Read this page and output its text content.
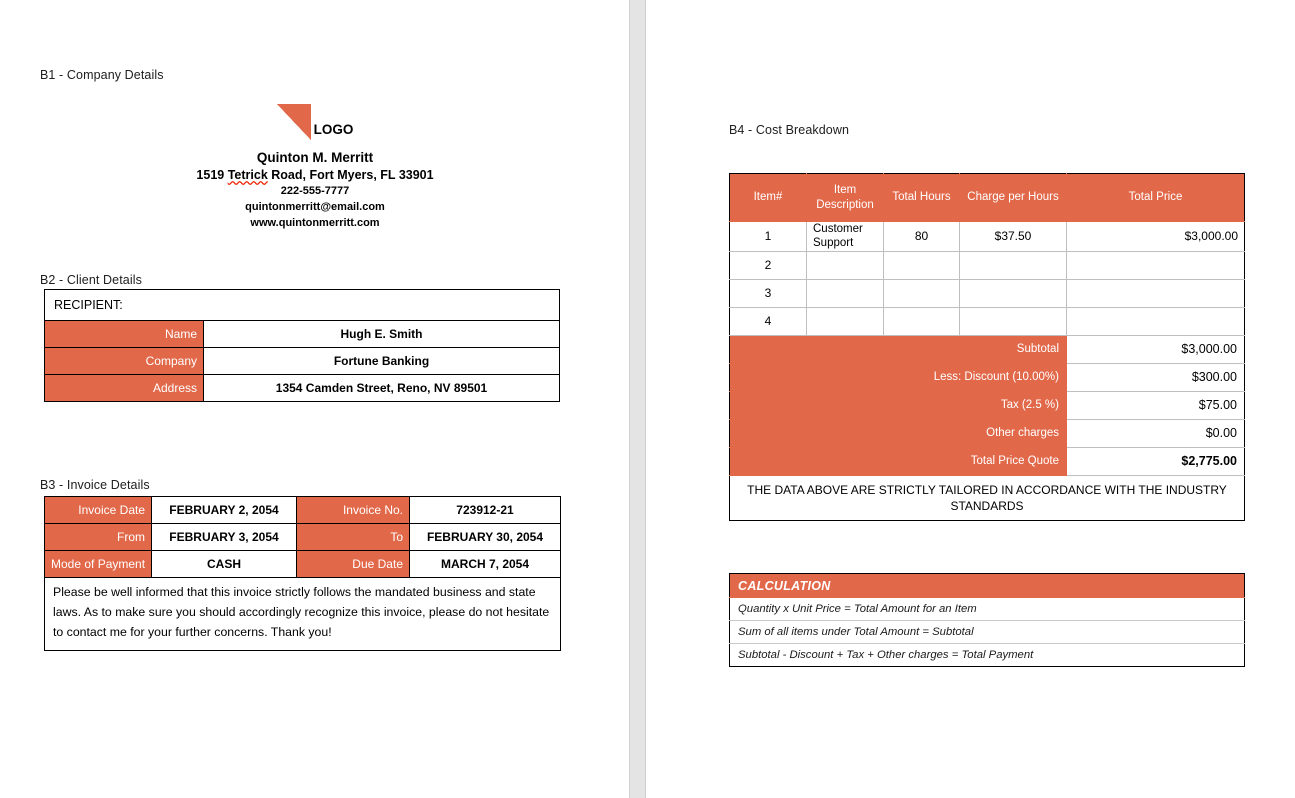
B1 - Company Details
LOGO
Quinton M. Merritt
1519 Tetrick Road, Fort Myers, FL 33901
222-555-7777
quintonmerritt@email.com
www.quintonmerritt.com
B2 - Client Details
RECIPIENT:	
Name	Hugh E. Smith
Company	Fortune Banking
Address	1354 Camden Street, Reno, NV 89501
B3 - Invoice Details
Invoice Date	FEBRUARY 2, 2054	Invoice No.	723912-21
From	FEBRUARY 3, 2054	To	FEBRUARY 30, 2054
Mode of Payment	CASH	Due Date	MARCH 7, 2054
Please be well informed that this invoice strictly follows the mandated business and state laws. As to make sure you should accordingly recognize this invoice, please do not hesitate to contact me for your further concerns. Thank you!			
B4 - Cost Breakdown
Item#	Item Description	Total Hours	Charge per Hours	Total Price
1	Customer Support	80	$37.50	$3,000.00
2				
3				
4				
Subtotal				$3,000.00
Less: Discount (10.00%)				$300.00
Tax (2.5 %)				$75.00
Other charges				$0.00
Total Price Quote				$2,775.00
THE DATA ABOVE ARE STRICTLY TAILORED IN ACCORDANCE WITH THE INDUSTRY STANDARDS				
CALCULATION
Quantity x Unit Price = Total Amount for an Item
Sum of all items under Total Amount = Subtotal
Subtotal - Discount + Tax + Other charges = Total Payment
